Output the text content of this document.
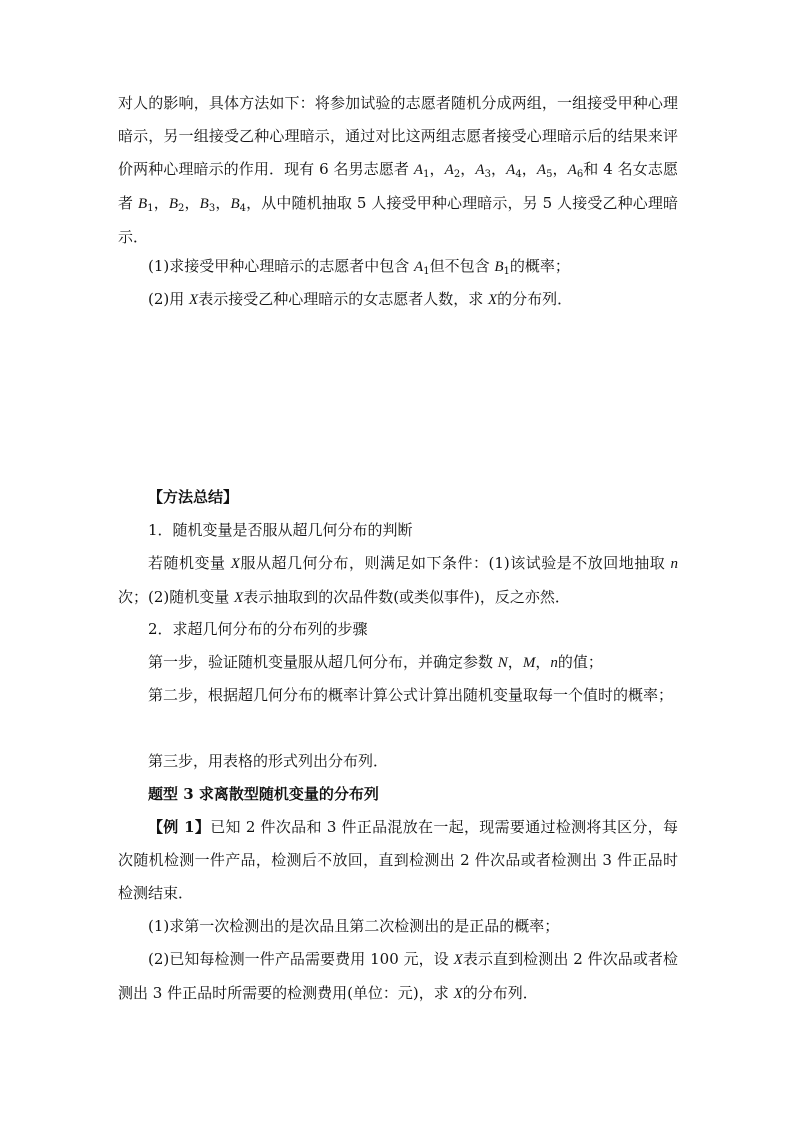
对人的影响，具体方法如下：将参加试验的志愿者随机分成两组，一组接受甲种心理暗示，另一组接受乙种心理暗示，通过对比这两组志愿者接受心理暗示后的结果来评价两种心理暗示的作用．现有 6 名男志愿者 $A_1$，$A_2$，$A_3$，$A_4$，$A_5$，$A_6$和 4 名女志愿者 $B_1$，$B_2$，$B_3$，$B_4$，从中随机抽取 5 人接受甲种心理暗示，另 5 人接受乙种心理暗示．

(1)求接受甲种心理暗示的志愿者中包含 $A_1$但不包含 $B_1$的概率；

(2)用 X表示接受乙种心理暗示的女志愿者人数，求 X的分布列．

【方法总结】

1．随机变量是否服从超几何分布的判断

若随机变量 X服从超几何分布，则满足如下条件：(1)该试验是不放回地抽取 n次；(2)随机变量 X表示抽取到的次品件数(或类似事件)，反之亦然．

2．求超几何分布的分布列的步骤

第一步，验证随机变量服从超几何分布，并确定参数 N，M，n的值；

第二步，根据超几何分布的概率计算公式计算出随机变量取每一个值时的概率；

第三步，用表格的形式列出分布列．

题型 3 求离散型随机变量的分布列

【例 1】已知 2 件次品和 3 件正品混放在一起，现需要通过检测将其区分，每次随机检测一件产品，检测后不放回，直到检测出 2 件次品或者检测出 3 件正品时检测结束．

(1)求第一次检测出的是次品且第二次检测出的是正品的概率；

(2)已知每检测一件产品需要费用 100 元，设 X表示直到检测出 2 件次品或者检测出 3 件正品时所需要的检测费用(单位：元)，求 X的分布列．
